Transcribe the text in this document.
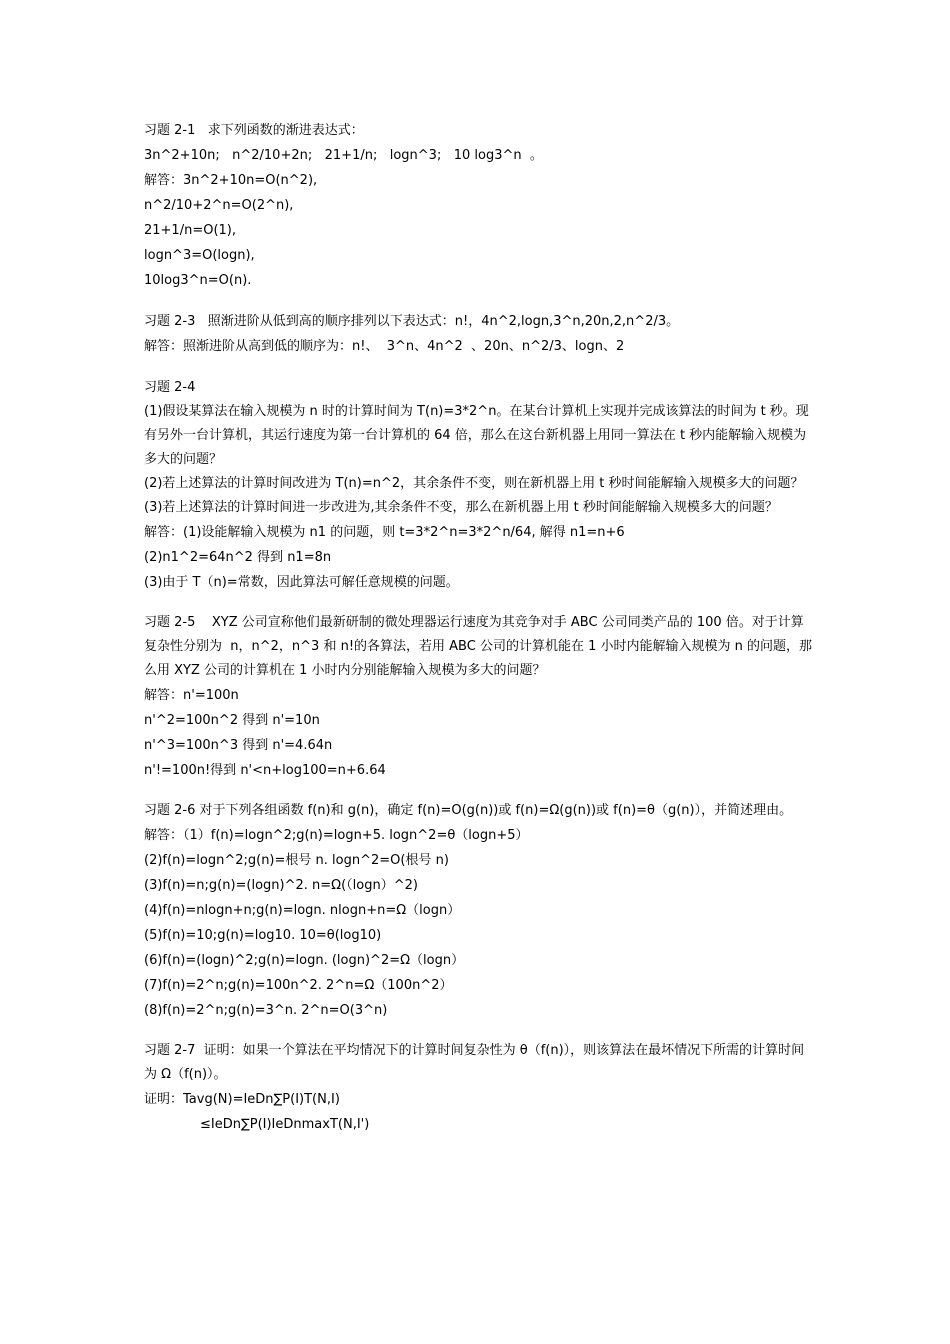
习题 2-1   求下列函数的渐进表达式：
3n^2+10n;   n^2/10+2n;   21+1/n;   logn^3;   10 log3^n  。
解答：3n^2+10n=O(n^2),
n^2/10+2^n=O(2^n),
21+1/n=O(1),
logn^3=O(logn),
10log3^n=O(n).
习题 2-3   照渐进阶从低到高的顺序排列以下表达式：n!，4n^2,logn,3^n,20n,2,n^2/3。
解答：照渐进阶从高到低的顺序为：n!、  3^n、4n^2  、20n、n^2/3、logn、2
习题 2-4
(1)假设某算法在输入规模为 n 时的计算时间为 T(n)=3*2^n。在某台计算机上实现并完成该算法的时间为 t 秒。现有另外一台计算机，其运行速度为第一台计算机的 64 倍，那么在这台新机器上用同一算法在 t 秒内能解输入规模为多大的问题？
(2)若上述算法的计算时间改进为 T(n)=n^2，其余条件不变，则在新机器上用 t 秒时间能解输入规模多大的问题？
(3)若上述算法的计算时间进一步改进为,其余条件不变，那么在新机器上用 t 秒时间能解输入规模多大的问题？
解答：(1)设能解输入规模为 n1 的问题，则 t=3*2^n=3*2^n/64, 解得 n1=n+6
(2)n1^2=64n^2 得到 n1=8n
(3)由于 T（n)=常数，因此算法可解任意规模的问题。
习题 2-5    XYZ 公司宣称他们最新研制的微处理器运行速度为其竞争对手 ABC 公司同类产品的 100 倍。对于计算复杂性分别为  n，n^2，n^3 和 n!的各算法，若用 ABC 公司的计算机能在 1 小时内能解输入规模为 n 的问题，那么用 XYZ 公司的计算机在 1 小时内分别能解输入规模为多大的问题？
解答：n'=100n
n'^2=100n^2 得到 n'=10n
n'^3=100n^3 得到 n'=4.64n
n'!=100n!得到 n'<n+log100=n+6.64
习题 2-6 对于下列各组函数 f(n)和 g(n)，确定 f(n)=O(g(n))或 f(n)=Ω(g(n))或 f(n)=θ（g(n)），并简述理由。
解答：（1）f(n)=logn^2;g(n)=logn+5. logn^2=θ（logn+5）
(2)f(n)=logn^2;g(n)=根号 n. logn^2=O(根号 n)
(3)f(n)=n;g(n)=(logn)^2. n=Ω(（logn）^2)
(4)f(n)=nlogn+n;g(n)=logn. nlogn+n=Ω（logn）
(5)f(n)=10;g(n)=log10. 10=θ(log10)
(6)f(n)=(logn)^2;g(n)=logn. (logn)^2=Ω（logn）
(7)f(n)=2^n;g(n)=100n^2. 2^n=Ω（100n^2）
(8)f(n)=2^n;g(n)=3^n. 2^n=O(3^n)
习题 2-7  证明：如果一个算法在平均情况下的计算时间复杂性为 θ（f(n)），则该算法在最坏情况下所需的计算时间为 Ω（f(n)）。
证明：Tavg(N)=IeDn∑P(I)T(N,I)
≤IeDn∑P(I)IeDnmaxT(N,I')
